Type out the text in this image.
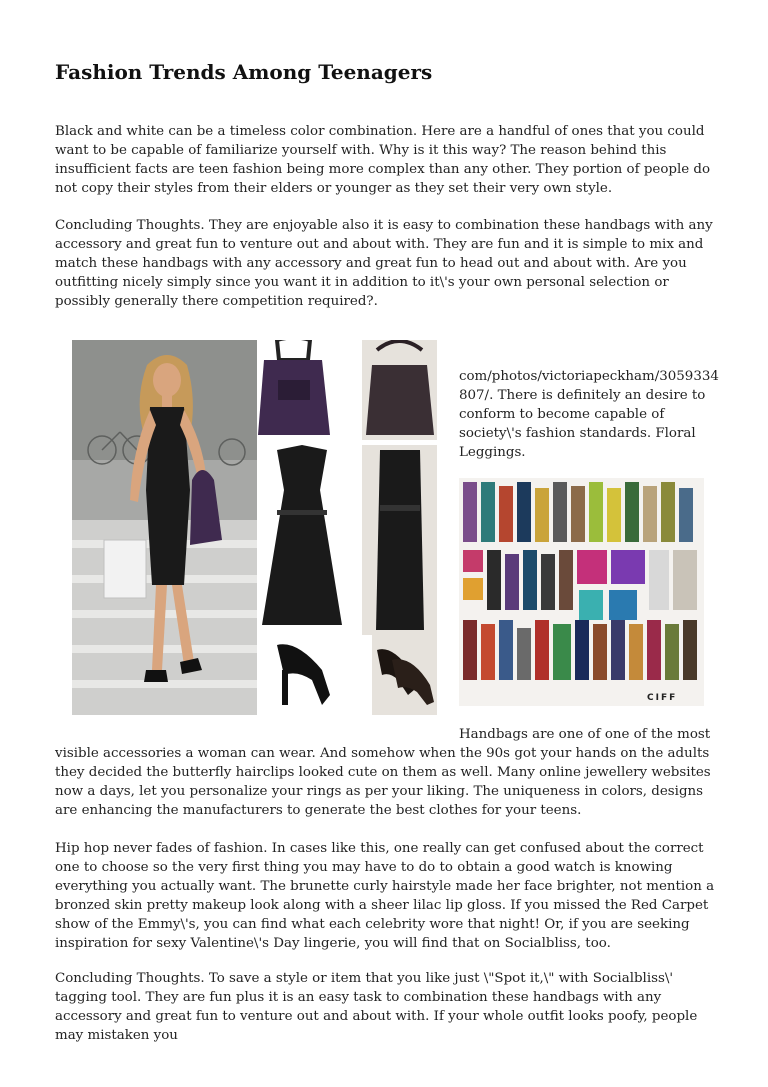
Fashion Trends Among Teenagers

Black and white can be a timeless color combination. Here are a handful of ones that you could want to be capable of familiarize yourself with. Why is it this way? The reason behind this insufficient facts are teen fashion being more complex than any other. They portion of people do not copy their styles from their elders or younger as they set their very own style.

Concluding Thoughts. They are enjoyable also it is easy to combination these handbags with any accessory and great fun to venture out and about with. They are fun and it is simple to mix and match these handbags with any accessory and great fun to head out and about with. Are you outfitting nicely simply since you want it in addition to it\'s your own personal selection or possibly generally there competition required?.

com/photos/victoriapeckham/3059334 807/. There is definitely an desire to conform to become capable of society\'s fashion standards. Floral Leggings.

CIFF

Handbags are one of one of the most visible accessories a woman can wear. And somehow when the 90s got your hands on the adults they decided the butterfly hairclips looked cute on them as well. Many online jewellery websites now a days, let you personalize your rings as per your liking. The uniqueness in colors, designs are enhancing the manufacturers to generate the best clothes for your teens.

Hip hop never fades of fashion. In cases like this, one really can get confused about the correct one to choose so the very first thing you may have to do to obtain a good watch is knowing everything you actually want. The brunette curly hairstyle made her face brighter, not mention a bronzed skin pretty makeup look along with a sheer lilac lip gloss. If you missed the Red Carpet show of the Emmy\'s, you can find what each celebrity wore that night! Or, if you are seeking inspiration for sexy Valentine\'s Day lingerie, you will find that on Socialbliss, too.

Concluding Thoughts. To save a style or item that you like just \"Spot it,\" with Socialbliss\' tagging tool. They are fun plus it is an easy task to combination these handbags with any accessory and great fun to venture out and about with. If your whole outfit looks poofy, people may mistaken you
